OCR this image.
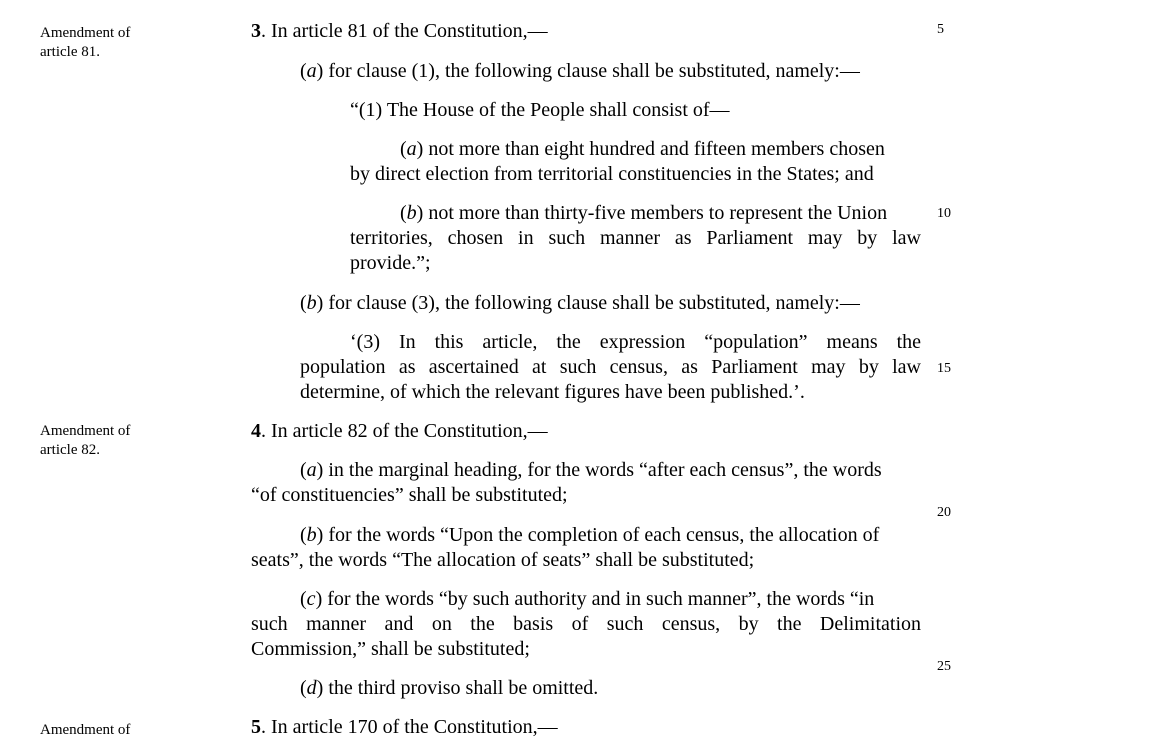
Amendment of
article 81.
Amendment of
article 82.
Amendment of
5
10
15
20
25
3. In article 81 of the Constitution,—
(a) for clause (1), the following clause shall be substituted, namely:—
“(1) The House of the People shall consist of—
(a) not more than eight hundred and fifteen members chosen
by direct election from territorial constituencies in the States; and
(b) not more than thirty-five members to represent the Union
territories, chosen in such manner as Parliament may by law
provide.”;
(b) for clause (3), the following clause shall be substituted, namely:—
‘(3) In this article, the expression “population” means the
population as ascertained at such census, as Parliament may by law
determine, of which the relevant figures have been published.’.
4. In article 82 of the Constitution,—
(a) in the marginal heading, for the words “after each census”, the words
“of constituencies” shall be substituted;
(b) for the words “Upon the completion of each census, the allocation of
seats”, the words “The allocation of seats” shall be substituted;
(c) for the words “by such authority and in such manner”, the words “in
such manner and on the basis of such census, by the Delimitation
Commission,” shall be substituted;
(d) the third proviso shall be omitted.
5. In article 170 of the Constitution,—
